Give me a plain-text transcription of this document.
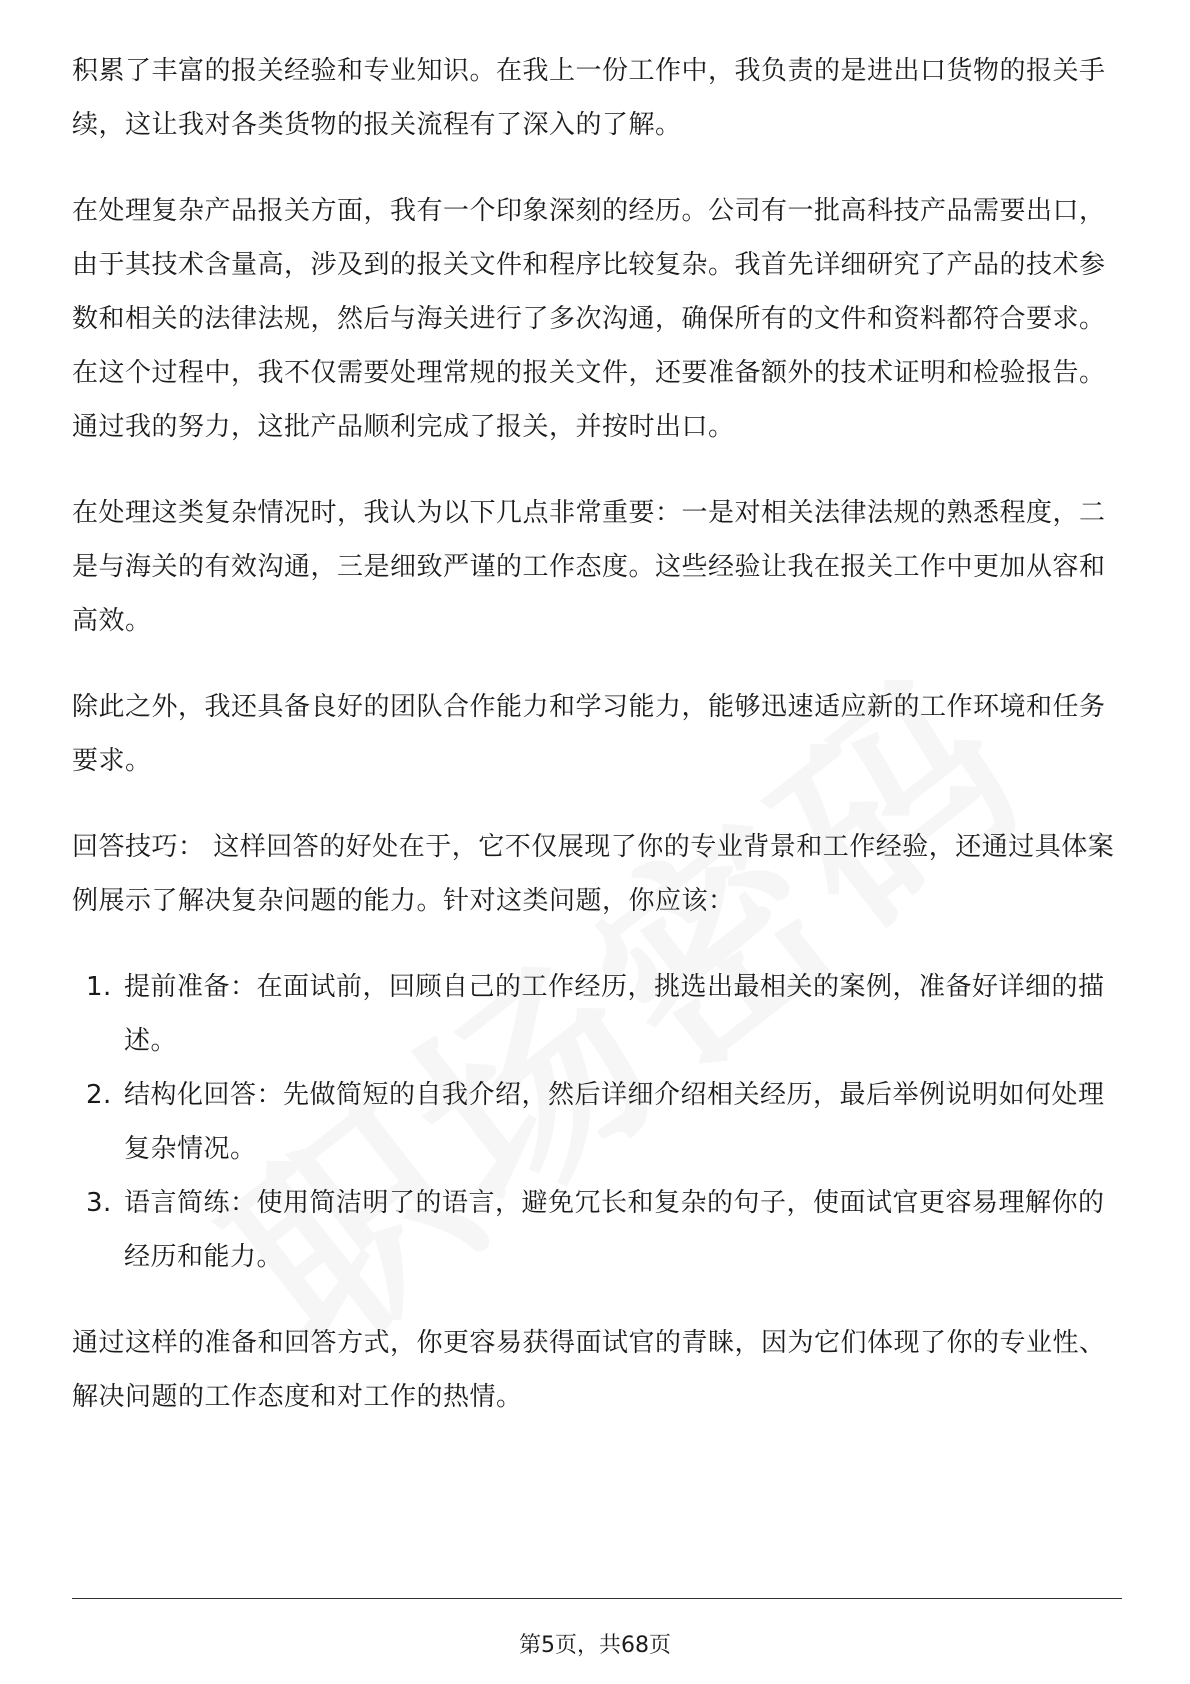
积累了丰富的报关经验和专业知识。在我上一份工作中，我负责的是进出口货物的报关手续，这让我对各类货物的报关流程有了深入的了解。

在处理复杂产品报关方面，我有一个印象深刻的经历。公司有一批高科技产品需要出口，由于其技术含量高，涉及到的报关文件和程序比较复杂。我首先详细研究了产品的技术参数和相关的法律法规，然后与海关进行了多次沟通，确保所有的文件和资料都符合要求。在这个过程中，我不仅需要处理常规的报关文件，还要准备额外的技术证明和检验报告。通过我的努力，这批产品顺利完成了报关，并按时出口。

在处理这类复杂情况时，我认为以下几点非常重要：一是对相关法律法规的熟悉程度，二是与海关的有效沟通，三是细致严谨的工作态度。这些经验让我在报关工作中更加从容和高效。

除此之外，我还具备良好的团队合作能力和学习能力，能够迅速适应新的工作环境和任务要求。

回答技巧： 这样回答的好处在于，它不仅展现了你的专业背景和工作经验，还通过具体案例展示了解决复杂问题的能力。针对这类问题，你应该：

1. 提前准备：在面试前，回顾自己的工作经历，挑选出最相关的案例，准备好详细的描述。
2. 结构化回答：先做简短的自我介绍，然后详细介绍相关经历，最后举例说明如何处理复杂情况。
3. 语言简练：使用简洁明了的语言，避免冗长和复杂的句子，使面试官更容易理解你的经历和能力。

通过这样的准备和回答方式，你更容易获得面试官的青睐，因为它们体现了你的专业性、解决问题的工作态度和对工作的热情。

第5页，共68页
